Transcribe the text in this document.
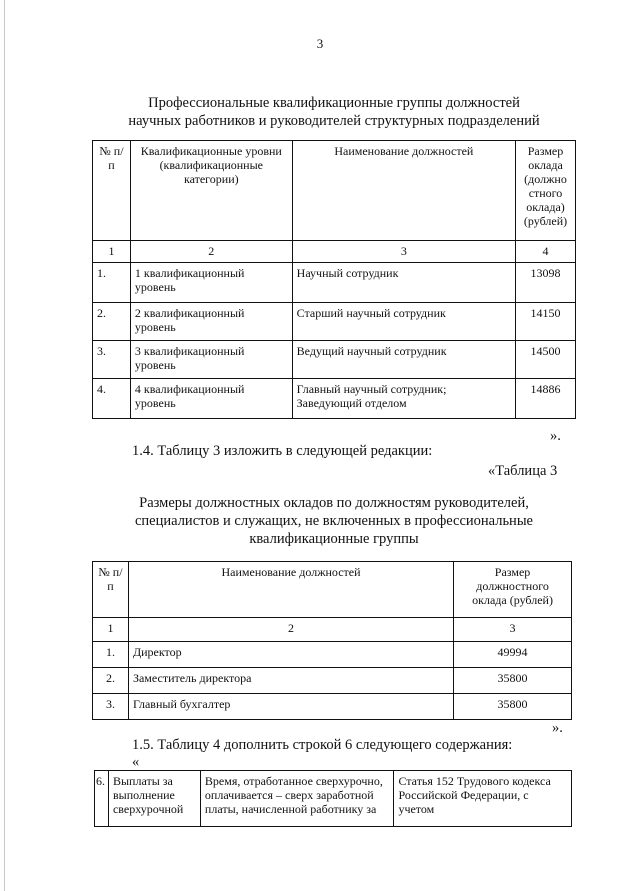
3
Профессиональные квалификационные группы должностей
научных работников и руководителей структурных подразделений
№ п/п	Квалификационные уровни (квалификационные категории)	Наименование должностей	Размер оклада (должно стного оклада) (рублей)
1	2	3	4
1.	1 квалификационный уровень	Научный сотрудник	13098
2.	2 квалификационный уровень	Старший научный сотрудник	14150
3.	3 квалификационный уровень	Ведущий научный сотрудник	14500
4.	4 квалификационный уровень	Главный научный сотрудник; Заведующий отделом	14886
».
1.4. Таблицу 3 изложить в следующей редакции:
«Таблица 3
Размеры должностных окладов по должностям руководителей,
специалистов и служащих, не включенных в профессиональные
квалификационные группы
№ п/п	Наименование должностей	Размер должностного оклада (рублей)
1	2	3
1.	Директор	49994
2.	Заместитель директора	35800
3.	Главный бухгалтер	35800
».
1.5. Таблицу 4 дополнить строкой 6 следующего содержания:
«
6.	Выплаты за выполнение сверхурочной	Время, отработанное сверхурочно, оплачивается – сверх заработной платы, начисленной работнику за	Статья 152 Трудового кодекса Российской Федерации, с учетом
